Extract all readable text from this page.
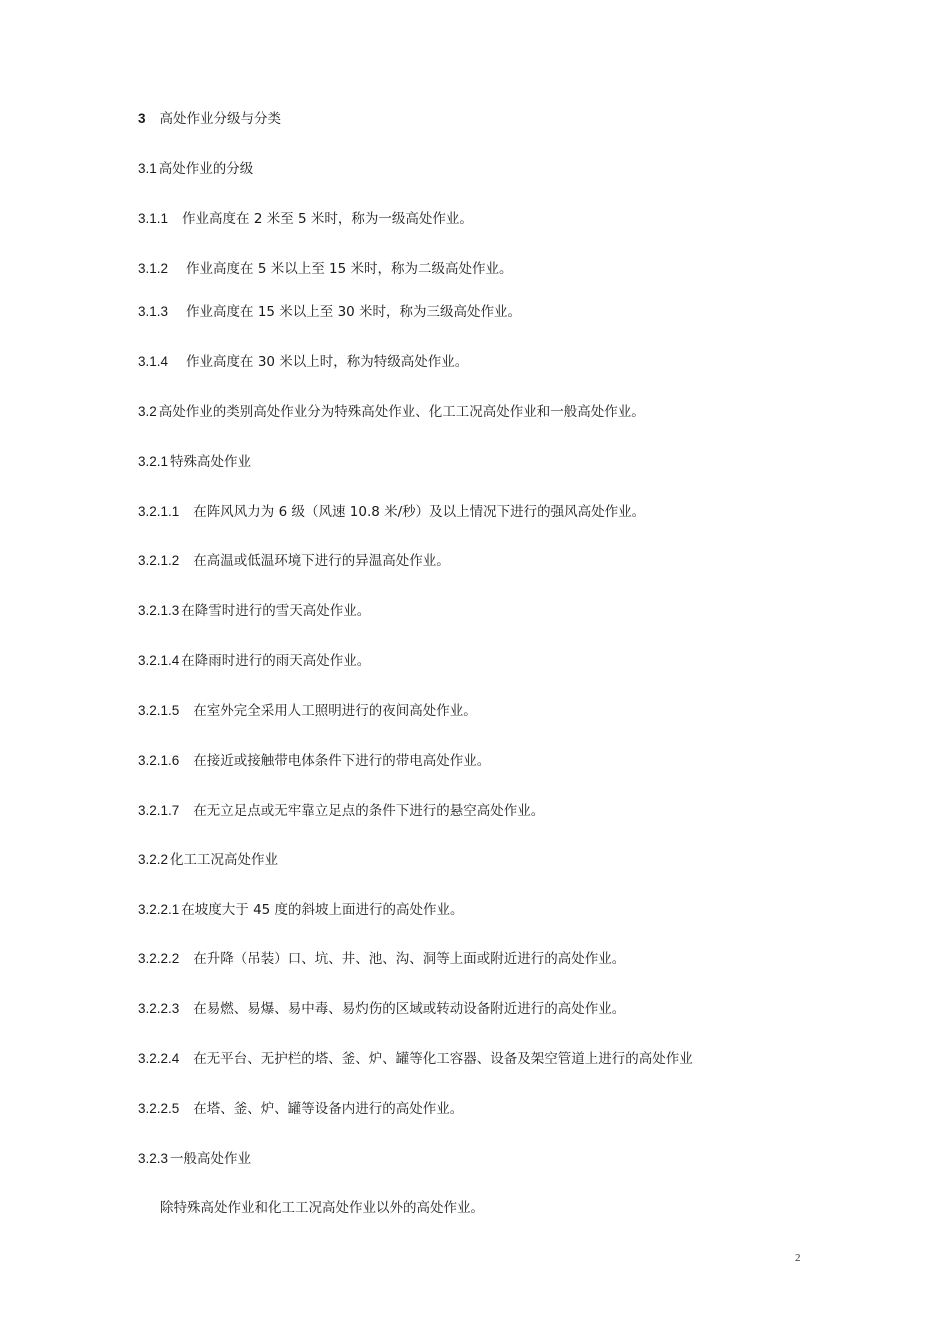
3 高处作业分级与分类
3.1 高处作业的分级
3.1.1 作业高度在 2 米至 5 米时，称为一级高处作业。
3.1.2 作业高度在 5 米以上至 15 米时，称为二级高处作业。
3.1.3 作业高度在 15 米以上至 30 米时，称为三级高处作业。
3.1.4 作业高度在 30 米以上时，称为特级高处作业。
3.2 高处作业的类别高处作业分为特殊高处作业、化工工况高处作业和一般高处作业。
3.2.1 特殊高处作业
3.2.1.1 在阵风风力为 6 级（风速 10.8 米/秒）及以上情况下进行的强风高处作业。
3.2.1.2 在高温或低温环境下进行的异温高处作业。
3.2.1.3 在降雪时进行的雪天高处作业。
3.2.1.4 在降雨时进行的雨天高处作业。
3.2.1.5 在室外完全采用人工照明进行的夜间高处作业。
3.2.1.6 在接近或接触带电体条件下进行的带电高处作业。
3.2.1.7 在无立足点或无牢靠立足点的条件下进行的悬空高处作业。
3.2.2 化工工况高处作业
3.2.2.1 在坡度大于 45 度的斜坡上面进行的高处作业。
3.2.2.2 在升降（吊装）口、坑、井、池、沟、洞等上面或附近进行的高处作业。
3.2.2.3 在易燃、易爆、易中毒、易灼伤的区域或转动设备附近进行的高处作业。
3.2.2.4 在无平台、无护栏的塔、釜、炉、罐等化工容器、设备及架空管道上进行的高处作业
3.2.2.5 在塔、釜、炉、罐等设备内进行的高处作业。
3.2.3 一般高处作业
除特殊高处作业和化工工况高处作业以外的高处作业。
2
